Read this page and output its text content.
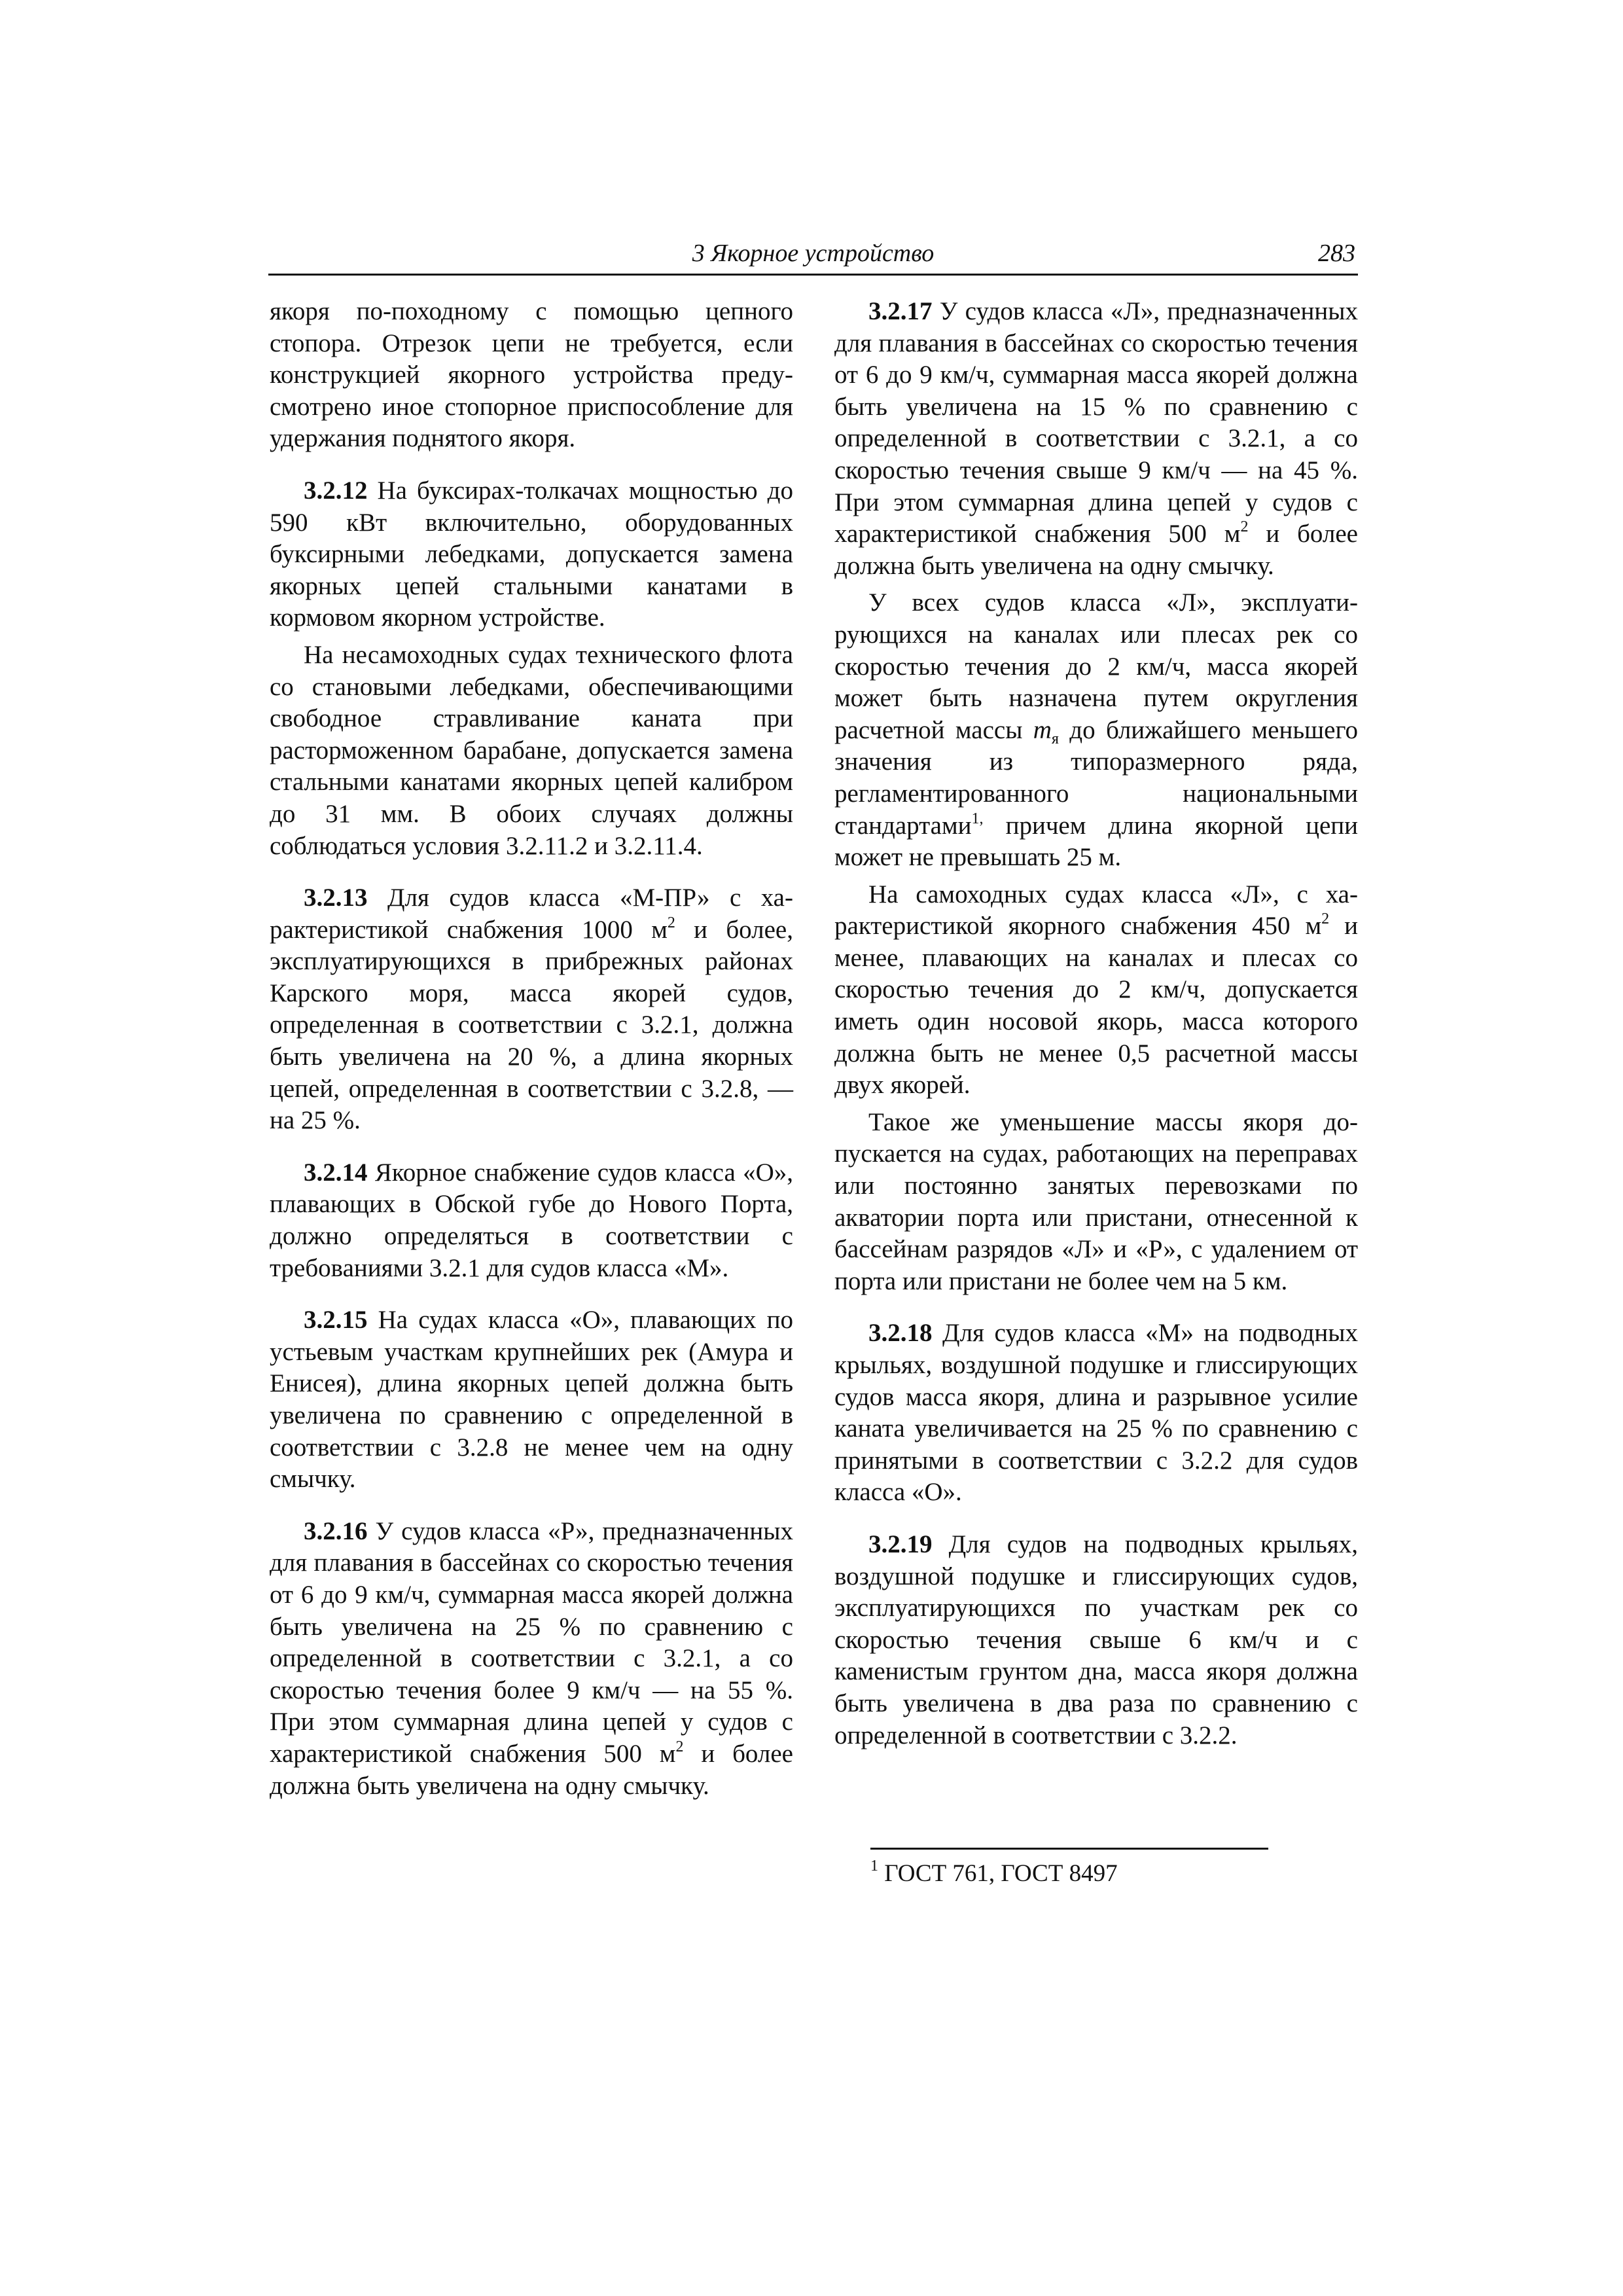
3 Якорное устройство	283

якоря по-походному с помощью цепного стопора. Отрезок цепи не требуется, если конструкцией якорного устройства предусмотрено иное стопорное приспособление для удержания поднятого якоря.

3.2.12 На буксирах-толкачах мощностью до 590 кВт включительно, оборудованных буксирными лебедками, допускается замена якорных цепей стальными канатами в кормовом якорном устройстве.

На несамоходных судах технического флота со становыми лебедками, обеспечивающими свободное стравливание каната при расторможенном барабане, допускается замена стальными канатами якорных цепей калибром до 31 мм. В обоих случаях должны соблюдаться условия 3.2.11.2 и 3.2.11.4.

3.2.13 Для судов класса «М-ПР» с характеристикой снабжения 1000 $м^2$ и более, эксплуатирующихся в прибрежных районах Карского моря, масса якорей судов, определенная в соответствии с 3.2.1, должна быть увеличена на 20 %, а длина якорных цепей, определенная в соответствии с 3.2.8, — на 25 %.

3.2.14 Якорное снабжение судов класса «О», плавающих в Обской губе до Нового Порта, должно определяться в соответствии с требованиями 3.2.1 для судов класса «М».

3.2.15 На судах класса «О», плавающих по устьевым участкам крупнейших рек (Амура и Енисея), длина якорных цепей должна быть увеличена по сравнению с определенной в соответствии с 3.2.8 не менее чем на одну смычку.

3.2.16 У судов класса «Р», предназначенных для плавания в бассейнах со скоростью течения от 6 до 9 км/ч, суммарная масса якорей должна быть увеличена на 25 % по сравнению с определенной в соответствии с 3.2.1, а со скоростью течения более 9 км/ч — на 55 %. При этом суммарная длина цепей у судов с характеристикой снабжения 500 $м^2$ и более должна быть увеличена на одну смычку.

3.2.17 У судов класса «Л», предназначенных для плавания в бассейнах со скоростью течения от 6 до 9 км/ч, суммарная масса якорей должна быть увеличена на 15 % по сравнению с определенной в соответствии с 3.2.1, а со скоростью течения свыше 9 км/ч — на 45 %. При этом суммарная длина цепей у судов с характеристикой снабжения 500 $м^2$ и более должна быть увеличена на одну смычку.

У всех судов класса «Л», эксплуатирующихся на каналах или плесах рек со скоростью течения до 2 км/ч, масса якорей может быть назначена путем округления расчетной массы $m_я$ до ближайшего меньшего значения из типоразмерного ряда, регламентированного национальными стандартами$^{1,}$ причем длина якорной цепи может не превышать 25 м.

На самоходных судах класса «Л», с характеристикой якорного снабжения 450 $м^2$ и менее, плавающих на каналах и плесах со скоростью течения до 2 км/ч, допускается иметь один носовой якорь, масса которого должна быть не менее 0,5 расчетной массы двух якорей.

Такое же уменьшение массы якоря допускается на судах, работающих на переправах или постоянно занятых перевозками по акватории порта или пристани, отнесенной к бассейнам разрядов «Л» и «Р», с удалением от порта или пристани не более чем на 5 км.

3.2.18 Для судов класса «М» на подводных крыльях, воздушной подушке и глиссирующих судов масса якоря, длина и разрывное усилие каната увеличивается на 25 % по сравнению с принятыми в соответствии с 3.2.2 для судов класса «О».

3.2.19 Для судов на подводных крыльях, воздушной подушке и глиссирующих судов, эксплуатирующихся по участкам рек со скоростью течения свыше 6 км/ч и с каменистым грунтом дна, масса якоря должна быть увеличена в два раза по сравнению с определенной в соответствии с 3.2.2.

$^1$ ГОСТ 761, ГОСТ 8497
